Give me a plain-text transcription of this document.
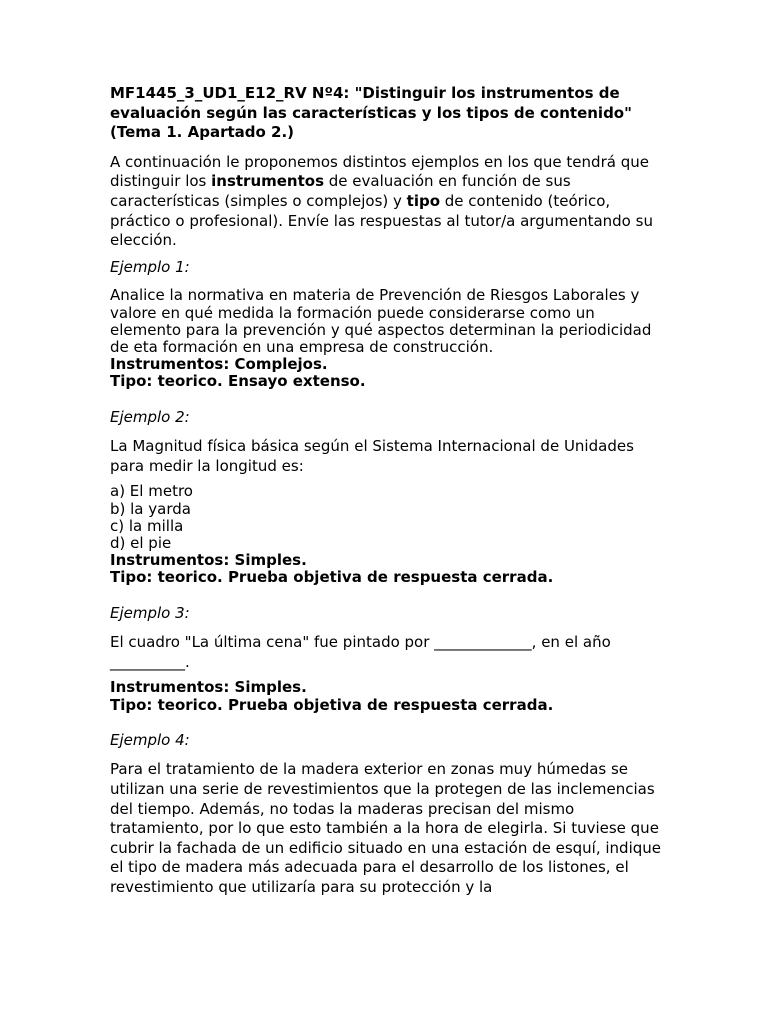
MF1445_3_UD1_E12_RV Nº4: "Distinguir los instrumentos de evaluación según las características y los tipos de contenido" (Tema 1. Apartado 2.)

A continuación le proponemos distintos ejemplos en los que tendrá que distinguir los instrumentos de evaluación en función de sus características (simples o complejos) y tipo de contenido (teórico, práctico o profesional). Envíe las respuestas al tutor/a argumentando su elección.

Ejemplo 1:

Analice la normativa en materia de Prevención de Riesgos Laborales y valore en qué medida la formación puede considerarse como un elemento para la prevención y qué aspectos determinan la periodicidad de eta formación en una empresa de construcción.
Instrumentos: Complejos.
Tipo: teorico. Ensayo extenso.

Ejemplo 2:

La Magnitud física básica según el Sistema Internacional de Unidades para medir la longitud es:

a) El metro
b) la yarda
c) la milla
d) el pie
Instrumentos: Simples.
Tipo: teorico. Prueba objetiva de respuesta cerrada.

Ejemplo 3:

El cuadro "La última cena" fue pintado por _____________, en el año __________.

Instrumentos: Simples.
Tipo: teorico. Prueba objetiva de respuesta cerrada.

Ejemplo 4:

Para el tratamiento de la madera exterior en zonas muy húmedas se utilizan una serie de revestimientos que la protegen de las inclemencias del tiempo. Además, no todas la maderas precisan del mismo tratamiento, por lo que esto también a la hora de elegirla. Si tuviese que cubrir la fachada de un edificio situado en una estación de esquí, indique el tipo de madera más adecuada para el desarrollo de los listones, el revestimiento que utilizaría para su protección y la
